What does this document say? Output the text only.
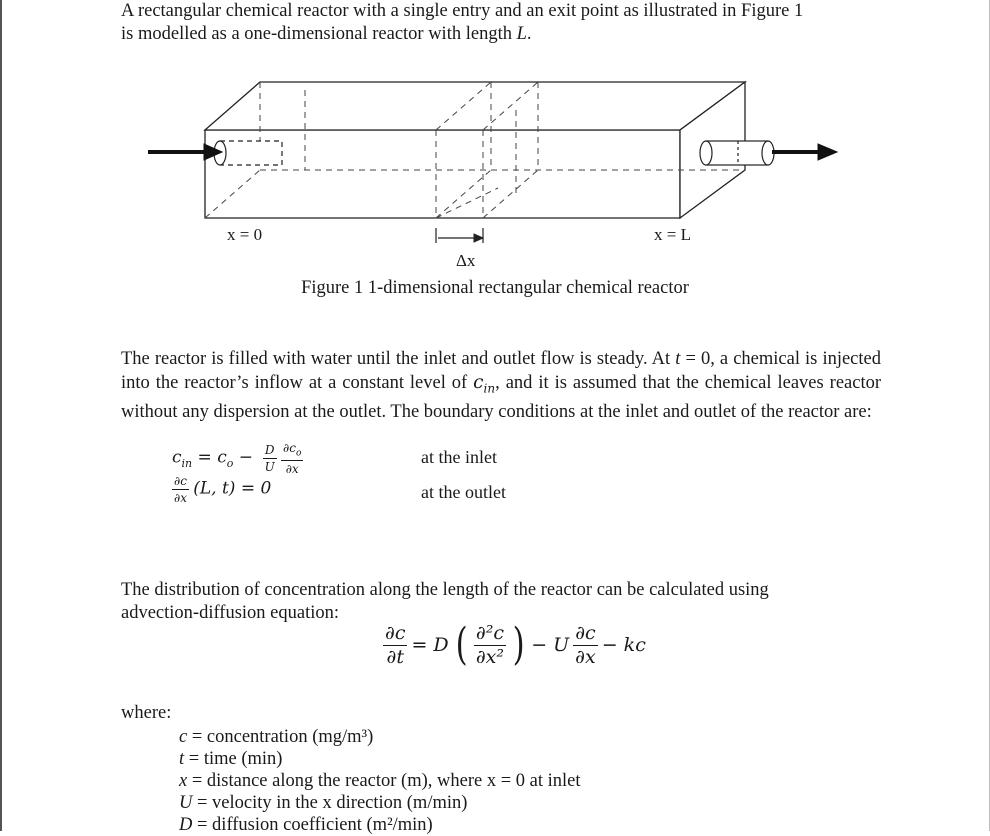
A rectangular chemical reactor with a single entry and an exit point as illustrated in Figure 1
is modelled as a one-dimensional reactor with length L.

x = 0	x = L
Δx
Figure 1 1-dimensional rectangular chemical reactor

The reactor is filled with water until the inlet and outlet flow is steady. At t = 0, a chemical is injected into the reactor’s inflow at a constant level of $c_{in}$, and it is assumed that the chemical leaves reactor without any dispersion at the outlet. The boundary conditions at the inlet and outlet of the reactor are:

$c_{in} = c_o - \frac{D}{U}$
$\frac{\partial c_o}{\partial x}$	at the inlet
$\frac{\partial c}{\partial x} (L$, t) = 0	at the outlet

The distribution of concentration along the length of the reactor can be calculated using
advection-diffusion equation:

$\frac{\partial c}{\partial t} = D$ ( $\frac{\text{∂²c}}{\text{∂x²}}$ ) − U $\frac{\partial c}{\partial x}$ − kc
where:
c = concentration (mg/m³)
t = time (min)
x = distance along the reactor (m), where x = 0 at inlet
U = velocity in the x direction (m/min)
D = diffusion coefficient (m²/min)
